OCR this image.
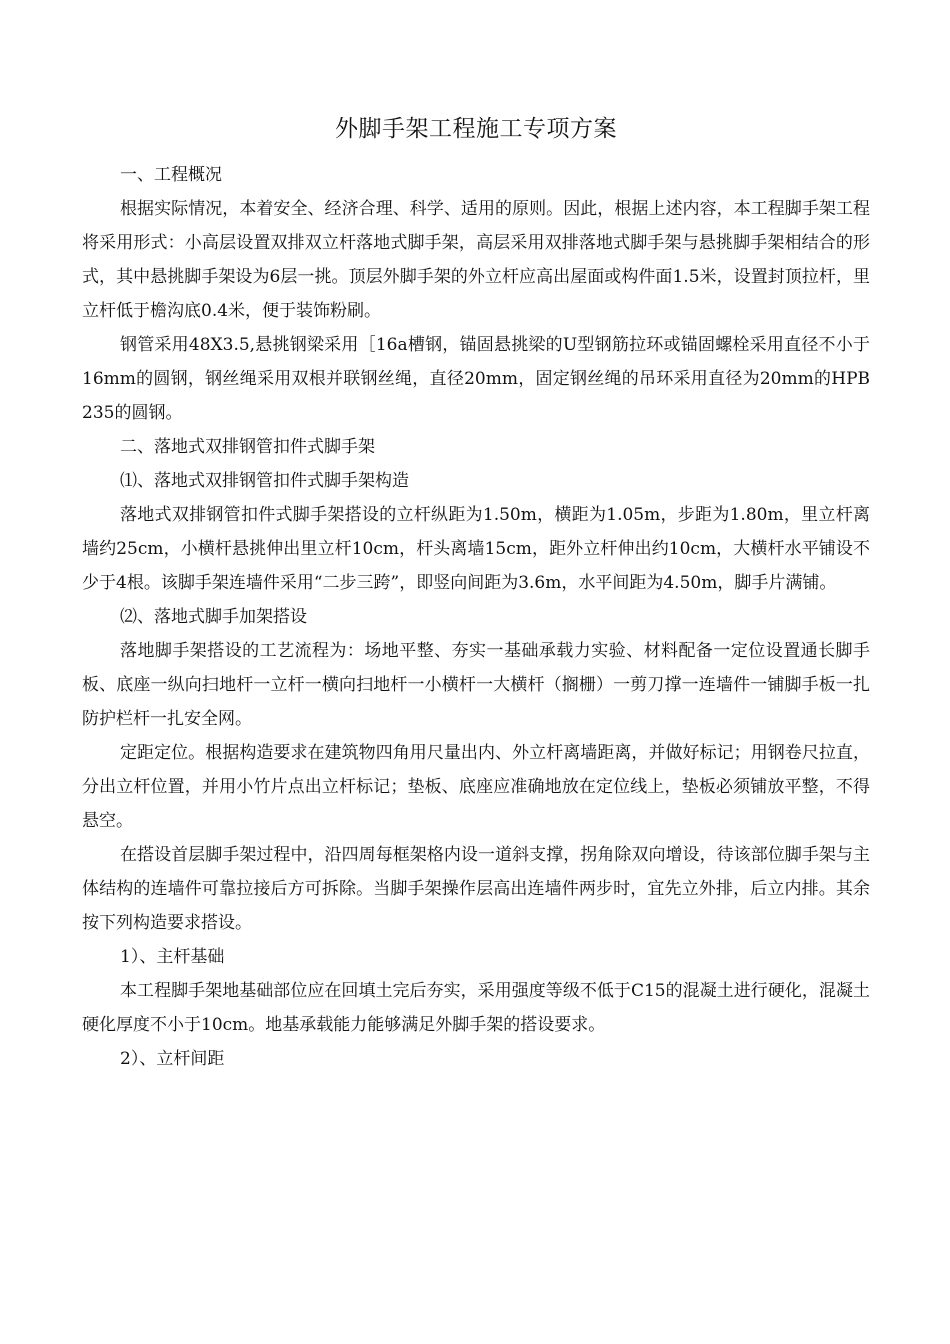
外脚手架工程施工专项方案
一、工程概况

根据实际情况，本着安全、经济合理、科学、适用的原则。因此，根据上述内容，本工程脚手架工程将采用形式：小高层设置双排双立杆落地式脚手架，高层采用双排落地式脚手架与悬挑脚手架相结合的形式，其中悬挑脚手架设为6层一挑。顶层外脚手架的外立杆应高出屋面或构件面1.5米，设置封顶拉杆，里立杆低于檐沟底0.4米，便于装饰粉刷。

钢管采用48X3.5,悬挑钢梁采用［16a槽钢，锚固悬挑梁的U型钢筋拉环或锚固螺栓采用直径不小于16mm的圆钢，钢丝绳采用双根并联钢丝绳，直径20mm，固定钢丝绳的吊环采用直径为20mm的HPB235的圆钢。

二、落地式双排钢管扣件式脚手架
⑴、落地式双排钢管扣件式脚手架构造

落地式双排钢管扣件式脚手架搭设的立杆纵距为1.50m，横距为1.05m，步距为1.80m，里立杆离墙约25cm，小横杆悬挑伸出里立杆10cm，杆头离墙15cm，距外立杆伸出约10cm，大横杆水平铺设不少于4根。该脚手架连墙件采用“二步三跨”，即竖向间距为3.6m，水平间距为4.50m，脚手片满铺。

⑵、落地式脚手加架搭设

落地脚手架搭设的工艺流程为：场地平整、夯实一基础承载力实验、材料配备一定位设置通长脚手板、底座一纵向扫地杆一立杆一横向扫地杆一小横杆一大横杆（搁栅）一剪刀撑一连墙件一铺脚手板一扎防护栏杆一扎安全网。

定距定位。根据构造要求在建筑物四角用尺量出内、外立杆离墙距离，并做好标记；用钢卷尺拉直，分出立杆位置，并用小竹片点出立杆标记；垫板、底座应准确地放在定位线上，垫板必须铺放平整，不得悬空。

在搭设首层脚手架过程中，沿四周每框架格内设一道斜支撑，拐角除双向增设，待该部位脚手架与主体结构的连墙件可靠拉接后方可拆除。当脚手架操作层高出连墙件两步时，宜先立外排，后立内排。其余按下列构造要求搭设。

1）、主杆基础

本工程脚手架地基础部位应在回填土完后夯实，采用强度等级不低于C15的混凝土进行硬化，混凝土硬化厚度不小于10cm。地基承载能力能够满足外脚手架的搭设要求。

2）、立杆间距
